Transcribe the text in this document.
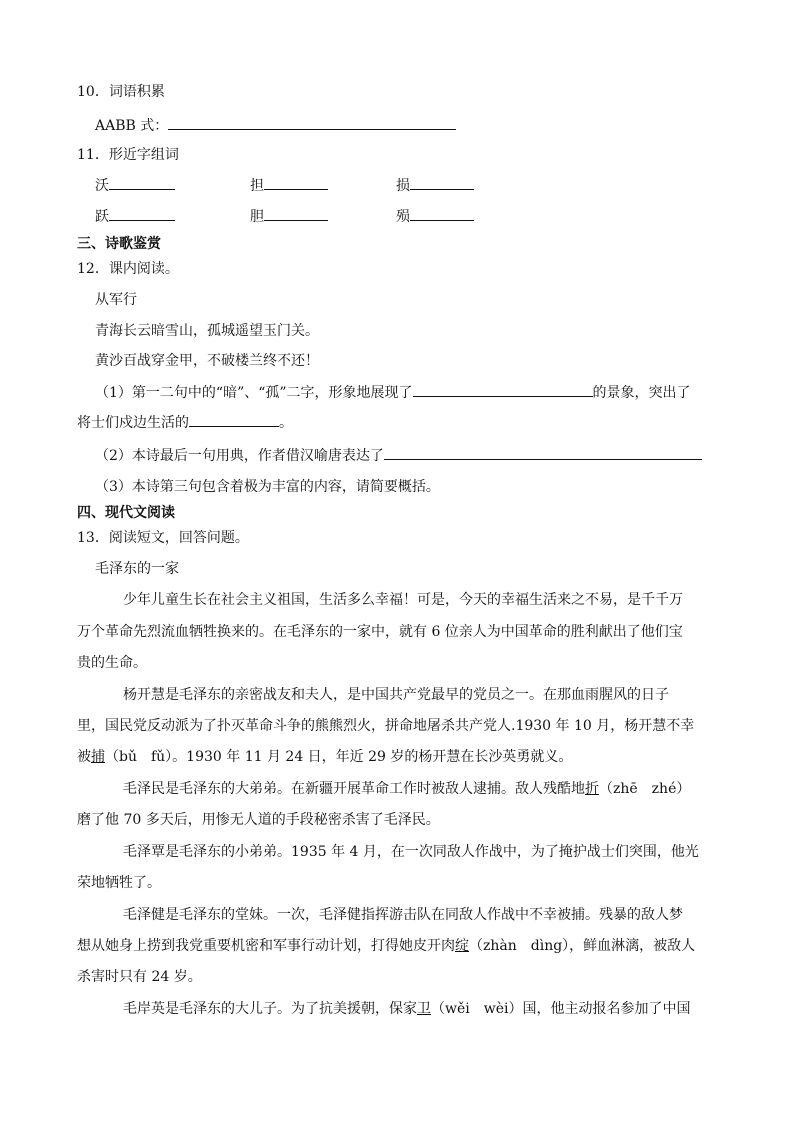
10．词语积累
AABB 式：
11．形近字组词
沃	担	损
跃	胆	殒
三、诗歌鉴赏
12．课内阅读。
从军行
青海长云暗雪山，孤城遥望玉门关。
黄沙百战穿金甲，不破楼兰终不还！
（1）第一二句中的“暗”、“孤”二字，形象地展现了	的景象，突出了
将士们戍边生活的	。
（2）本诗最后一句用典，作者借汉喻唐表达了
（3）本诗第三句包含着极为丰富的内容，请简要概括。
四、现代文阅读
13．阅读短文，回答问题。
毛泽东的一家
少年儿童生长在社会主义祖国，生活多么幸福！可是，今天的幸福生活来之不易，是千千万
万个革命先烈流血牺牲换来的。在毛泽东的一家中，就有 6 位亲人为中国革命的胜利献出了他们宝
贵的生命。
杨开慧是毛泽东的亲密战友和夫人，是中国共产党最早的党员之一。在那血雨腥风的日子
里，国民党反动派为了扑灭革命斗争的熊熊烈火，拼命地屠杀共产党人.1930 年 10 月，杨开慧不幸
被捕（bǔ　fǔ）。1930 年 11 月 24 日，年近 29 岁的杨开慧在长沙英勇就义。
毛泽民是毛泽东的大弟弟。在新疆开展革命工作时被敌人逮捕。敌人残酷地折（zhē　zhé）
磨了他 70 多天后，用惨无人道的手段秘密杀害了毛泽民。
毛泽覃是毛泽东的小弟弟。1935 年 4 月，在一次同敌人作战中，为了掩护战士们突围，他光
荣地牺牲了。
毛泽健是毛泽东的堂妹。一次，毛泽健指挥游击队在同敌人作战中不幸被捕。残暴的敌人梦
想从她身上捞到我党重要机密和军事行动计划，打得她皮开肉绽（zhàn　dìng），鲜血淋漓，被敌人
杀害时只有 24 岁。
毛岸英是毛泽东的大儿子。为了抗美援朝，保家卫（wěi　wèi）国，他主动报名参加了中国
